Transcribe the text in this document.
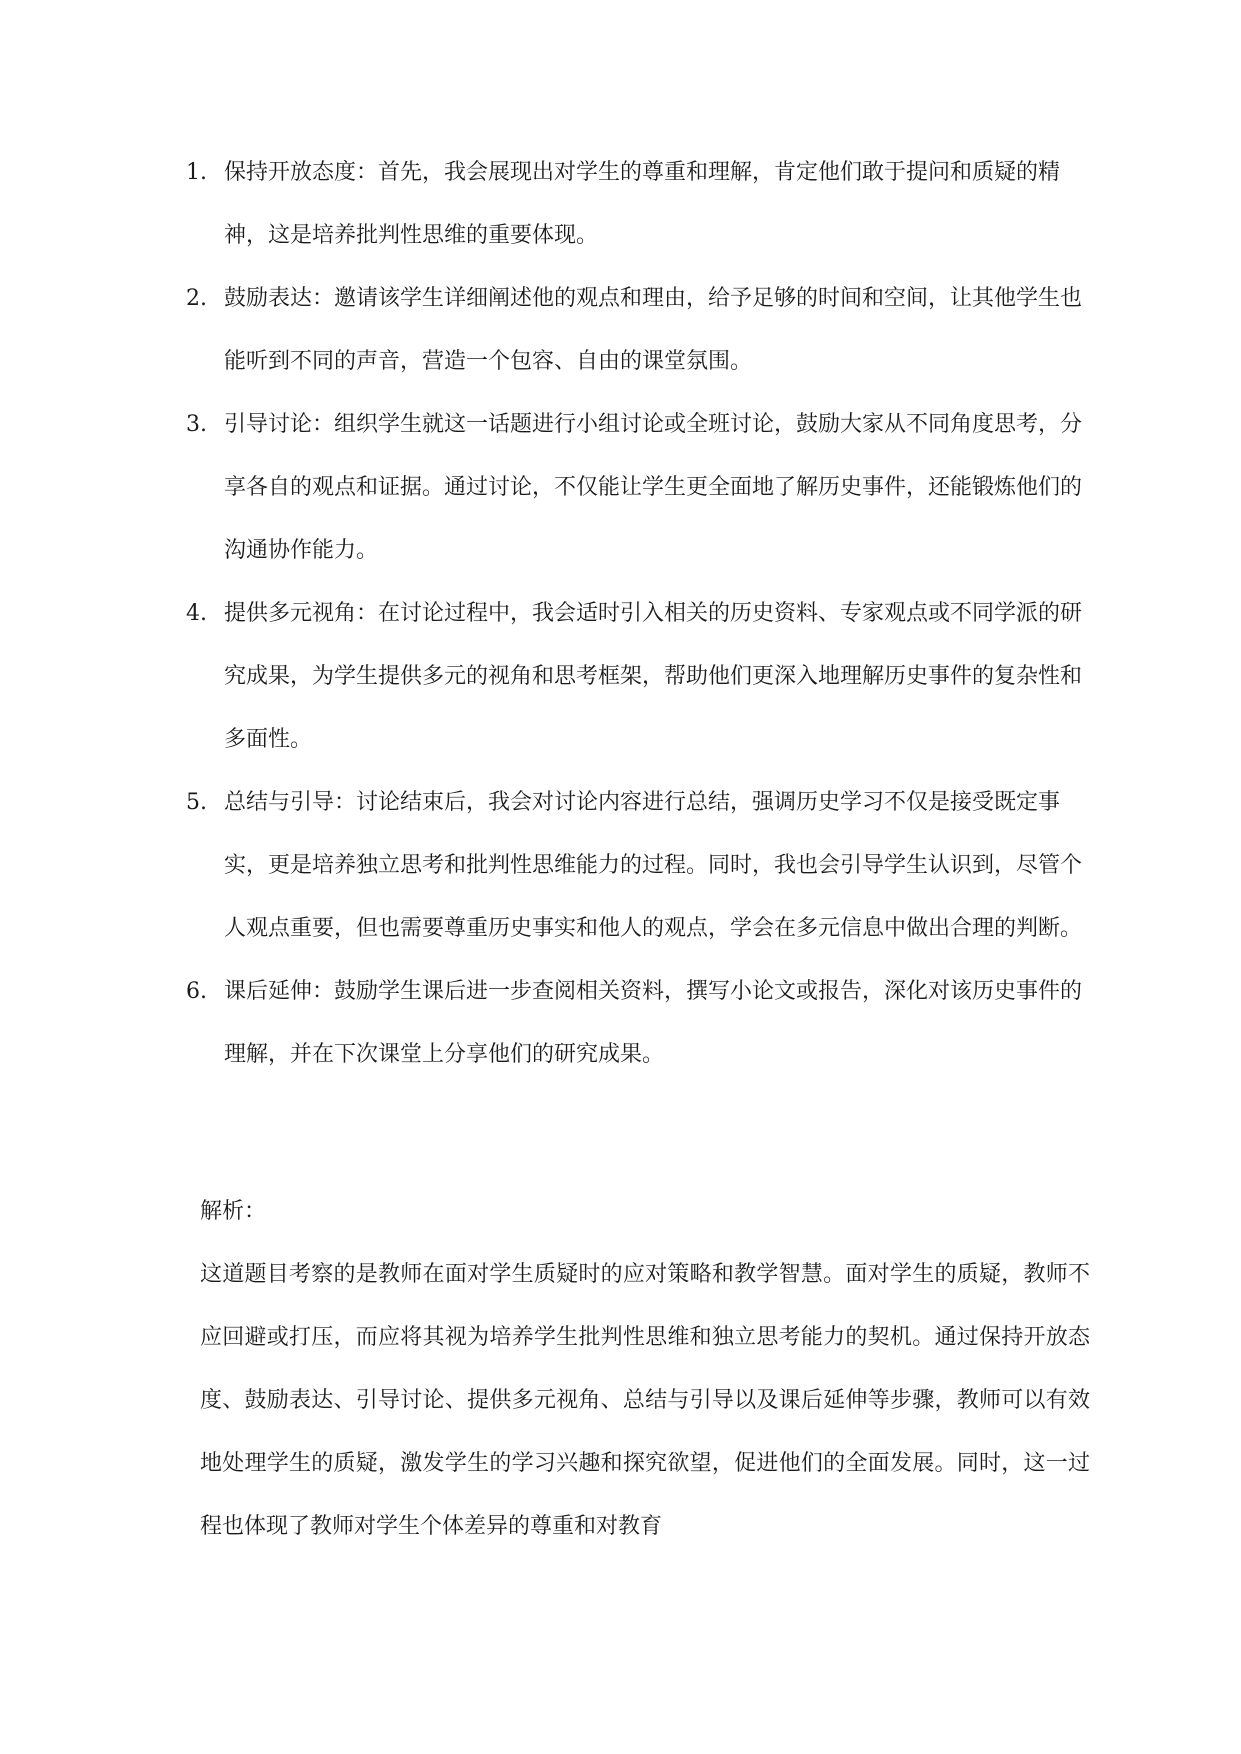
1. 保持开放态度：首先，我会展现出对学生的尊重和理解，肯定他们敢于提问和质疑的精神，这是培养批判性思维的重要体现。
2. 鼓励表达：邀请该学生详细阐述他的观点和理由，给予足够的时间和空间，让其他学生也能听到不同的声音，营造一个包容、自由的课堂氛围。
3. 引导讨论：组织学生就这一话题进行小组讨论或全班讨论，鼓励大家从不同角度思考，分享各自的观点和证据。通过讨论，不仅能让学生更全面地了解历史事件，还能锻炼他们的沟通协作能力。
4. 提供多元视角：在讨论过程中，我会适时引入相关的历史资料、专家观点或不同学派的研究成果，为学生提供多元的视角和思考框架，帮助他们更深入地理解历史事件的复杂性和多面性。
5. 总结与引导：讨论结束后，我会对讨论内容进行总结，强调历史学习不仅是接受既定事实，更是培养独立思考和批判性思维能力的过程。同时，我也会引导学生认识到，尽管个人观点重要，但也需要尊重历史事实和他人的观点，学会在多元信息中做出合理的判断。
6. 课后延伸：鼓励学生课后进一步查阅相关资料，撰写小论文或报告，深化对该历史事件的理解，并在下次课堂上分享他们的研究成果。

解析：

这道题目考察的是教师在面对学生质疑时的应对策略和教学智慧。面对学生的质疑，教师不应回避或打压，而应将其视为培养学生批判性思维和独立思考能力的契机。通过保持开放态度、鼓励表达、引导讨论、提供多元视角、总结与引导以及课后延伸等步骤，教师可以有效地处理学生的质疑，激发学生的学习兴趣和探究欲望，促进他们的全面发展。同时，这一过程也体现了教师对学生个体差异的尊重和对教育
